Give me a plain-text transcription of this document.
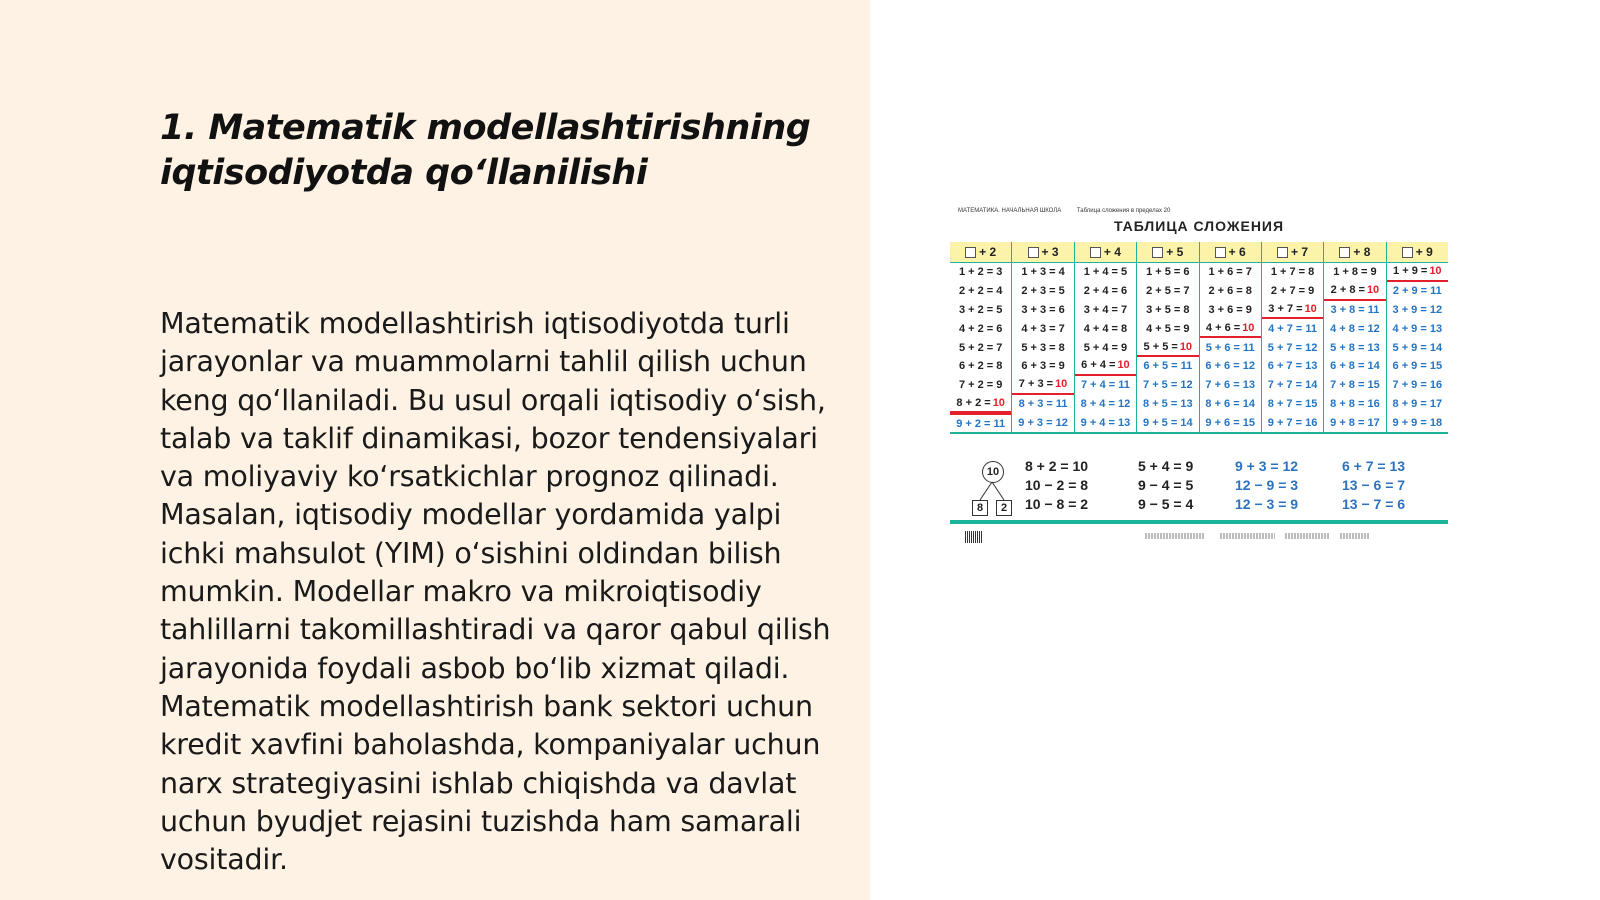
1. Matematik modellashtirishning iqtisodiyotda qo‘llanilishi

Matematik modellashtirish iqtisodiyotda turli jarayonlar va muammolarni tahlil qilish uchun keng qo‘llaniladi. Bu usul orqali iqtisodiy o‘sish, talab va taklif dinamikasi, bozor tendensiyalari va moliyaviy ko‘rsatkichlar prognoz qilinadi. Masalan, iqtisodiy modellar yordamida yalpi ichki mahsulot (YIM) o‘sishini oldindan bilish mumkin. Modellar makro va mikroiqtisodiy tahlillarni takomillashtiradi va qaror qabul qilish jarayonida foydali asbob bo‘lib xizmat qiladi. Matematik modellashtirish bank sektori uchun kredit xavfini baholashda, kompaniyalar uchun narx strategiyasini ishlab chiqishda va davlat uchun byudjet rejasini tuzishda ham samarali vositadir.

МАТЕМАТИКА. НАЧАЛЬНАЯ ШКОЛА	Таблица сложения в пределах 20
ТАБЛИЦА СЛОЖЕНИЯ
+ 2
1 + 2 = 3
2 + 2 = 4
3 + 2 = 5
4 + 2 = 6
5 + 2 = 7
6 + 2 = 8
7 + 2 = 9
8 + 2 = 10
9 + 2 = 11
+ 3
1 + 3 = 4
2 + 3 = 5
3 + 3 = 6
4 + 3 = 7
5 + 3 = 8
6 + 3 = 9
7 + 3 = 10
8 + 3 = 11
9 + 3 = 12
+ 4
1 + 4 = 5
2 + 4 = 6
3 + 4 = 7
4 + 4 = 8
5 + 4 = 9
6 + 4 = 10
7 + 4 = 11
8 + 4 = 12
9 + 4 = 13
+ 5
1 + 5 = 6
2 + 5 = 7
3 + 5 = 8
4 + 5 = 9
5 + 5 = 10
6 + 5 = 11
7 + 5 = 12
8 + 5 = 13
9 + 5 = 14
+ 6
1 + 6 = 7
2 + 6 = 8
3 + 6 = 9
4 + 6 = 10
5 + 6 = 11
6 + 6 = 12
7 + 6 = 13
8 + 6 = 14
9 + 6 = 15
+ 7
1 + 7 = 8
2 + 7 = 9
3 + 7 = 10
4 + 7 = 11
5 + 7 = 12
6 + 7 = 13
7 + 7 = 14
8 + 7 = 15
9 + 7 = 16
+ 8
1 + 8 = 9
2 + 8 = 10
3 + 8 = 11
4 + 8 = 12
5 + 8 = 13
6 + 8 = 14
7 + 8 = 15
8 + 8 = 16
9 + 8 = 17
+ 9
1 + 9 = 10
2 + 9 = 11
3 + 9 = 12
4 + 9 = 13
5 + 9 = 14
6 + 9 = 15
7 + 9 = 16
8 + 9 = 17
9 + 9 = 18
10
8	2
8 + 2 = 10
10 − 2 = 8
10 − 8 = 2
5 + 4 = 9
9 − 4 = 5
9 − 5 = 4
9 + 3 = 12
12 − 9 = 3
12 − 3 = 9
6 + 7 = 13
13 − 6 = 7
13 − 7 = 6
